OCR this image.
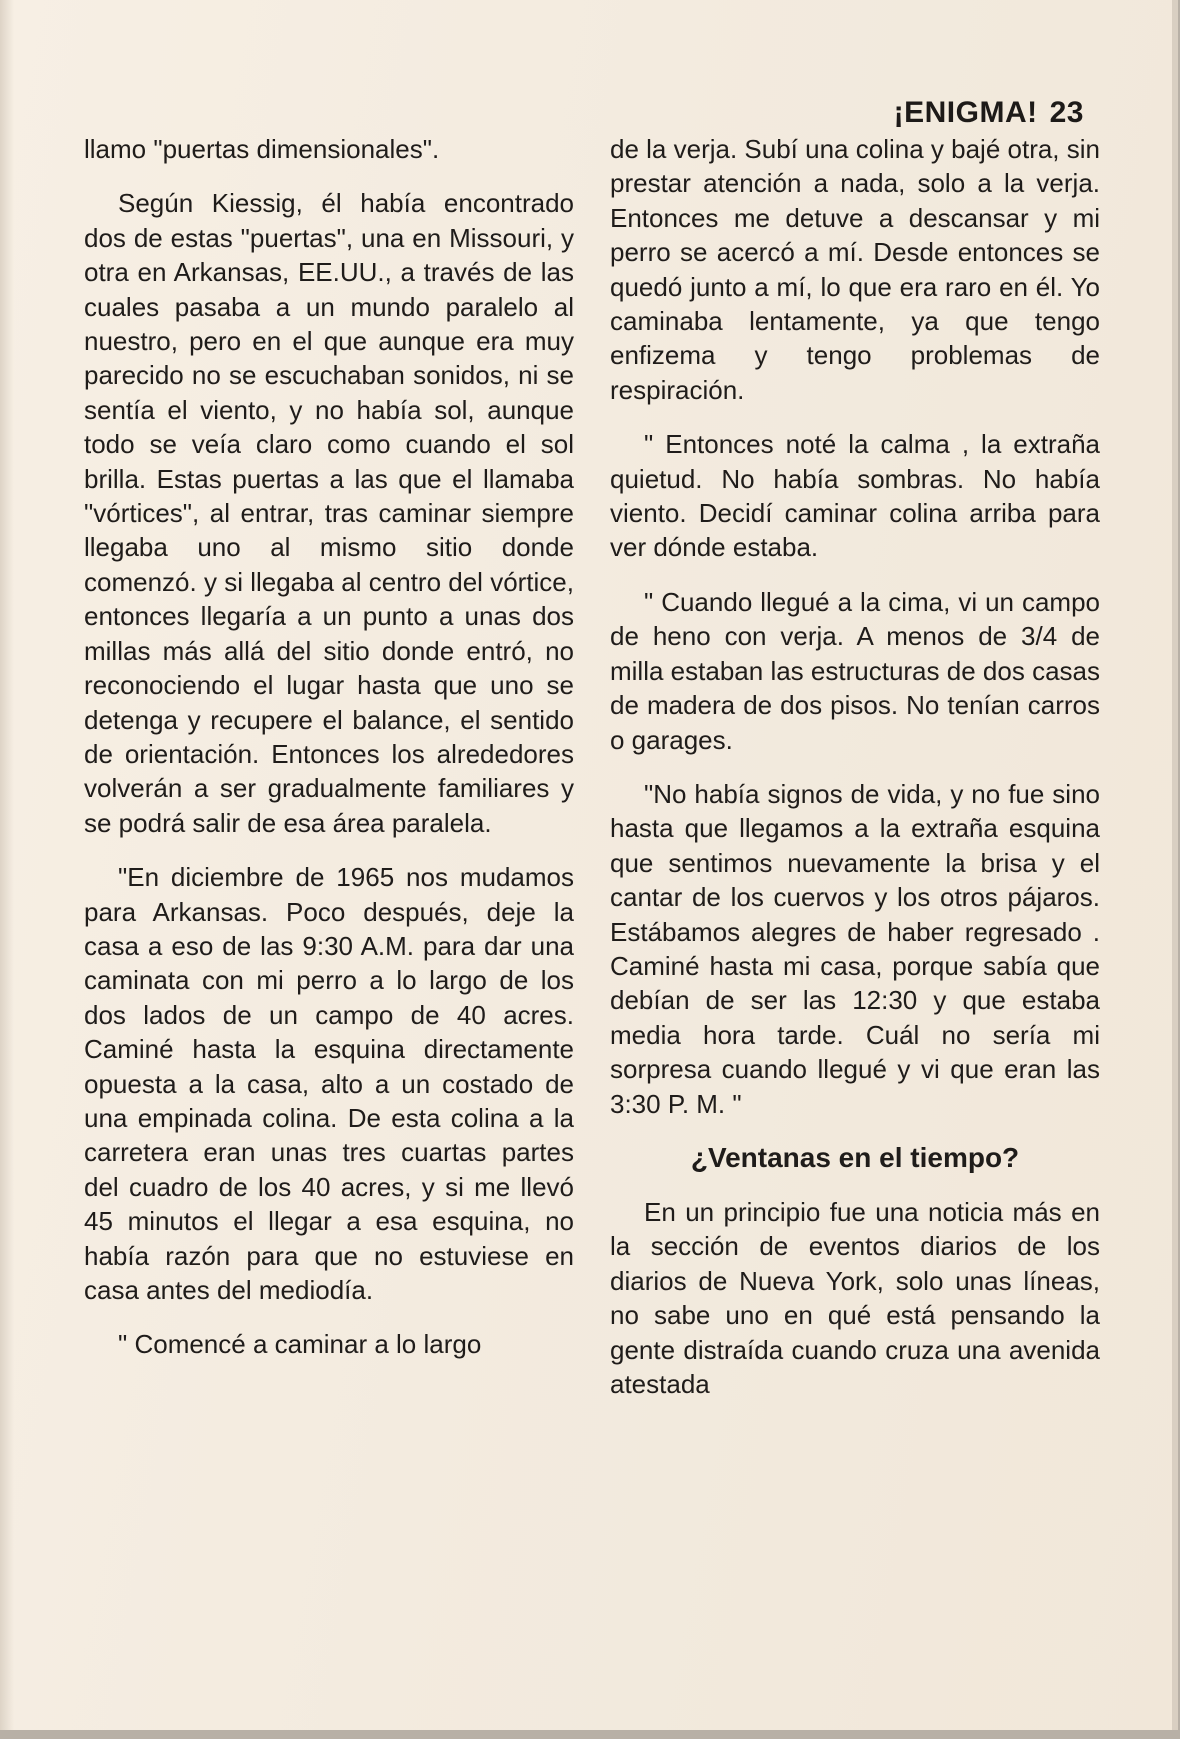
¡ENIGMA! 23

llamo "puertas dimensionales".

Según Kiessig, él había encontrado dos de estas "puertas", una en Missouri, y otra en Arkansas, EE.UU., a través de las cuales pasaba a un mundo paralelo al nuestro, pero en el que aunque era muy parecido no se escuchaban sonidos, ni se sentía el viento, y no había sol, aunque todo se veía claro como cuando el sol brilla. Estas puertas a las que el llamaba "vórtices", al entrar, tras caminar siempre llegaba uno al mismo sitio donde comenzó. y si llegaba al centro del vórtice, entonces llegaría a un punto a unas dos millas más allá del sitio donde entró, no reconociendo el lugar hasta que uno se detenga y recupere el balance, el sentido de orientación. Entonces los alrededores volverán a ser gradualmente familiares y se podrá salir de esa área paralela.

"En diciembre de 1965 nos mudamos para Arkansas. Poco después, deje la casa a eso de las 9:30 A.M. para dar una caminata con mi perro a lo largo de los dos lados de un campo de 40 acres. Caminé hasta la esquina directamente opuesta a la casa, alto a un costado de una empinada colina. De esta colina a la carretera eran unas tres cuartas partes del cuadro de los 40 acres, y si me llevó 45 minutos el llegar a esa esquina, no había razón para que no estuviese en casa antes del mediodía.

" Comencé a caminar a lo largo

de la verja. Subí una colina y bajé otra, sin prestar atención a nada, solo a la verja. Entonces me detuve a descansar y mi perro se acercó a mí. Desde entonces se quedó junto a mí, lo que era raro en él. Yo caminaba lentamente, ya que tengo enfizema y tengo problemas de respiración.

" Entonces noté la calma , la extraña quietud. No había sombras. No había viento. Decidí caminar colina arriba para ver dónde estaba.

" Cuando llegué a la cima, vi un campo de heno con verja. A menos de 3/4 de milla estaban las estructuras de dos casas de madera de dos pisos. No tenían carros o garages.

"No había signos de vida, y no fue sino hasta que llegamos a la extraña esquina que sentimos nuevamente la brisa y el cantar de los cuervos y los otros pájaros. Estábamos alegres de haber regresado . Caminé hasta mi casa, porque sabía que debían de ser las 12:30 y que estaba media hora tarde. Cuál no sería mi sorpresa cuando llegué y vi que eran las 3:30 P. M. "

¿Ventanas en el tiempo?

En un principio fue una noticia más en la sección de eventos diarios de los diarios de Nueva York, solo unas líneas, no sabe uno en qué está pensando la gente distraída cuando cruza una avenida atestada
